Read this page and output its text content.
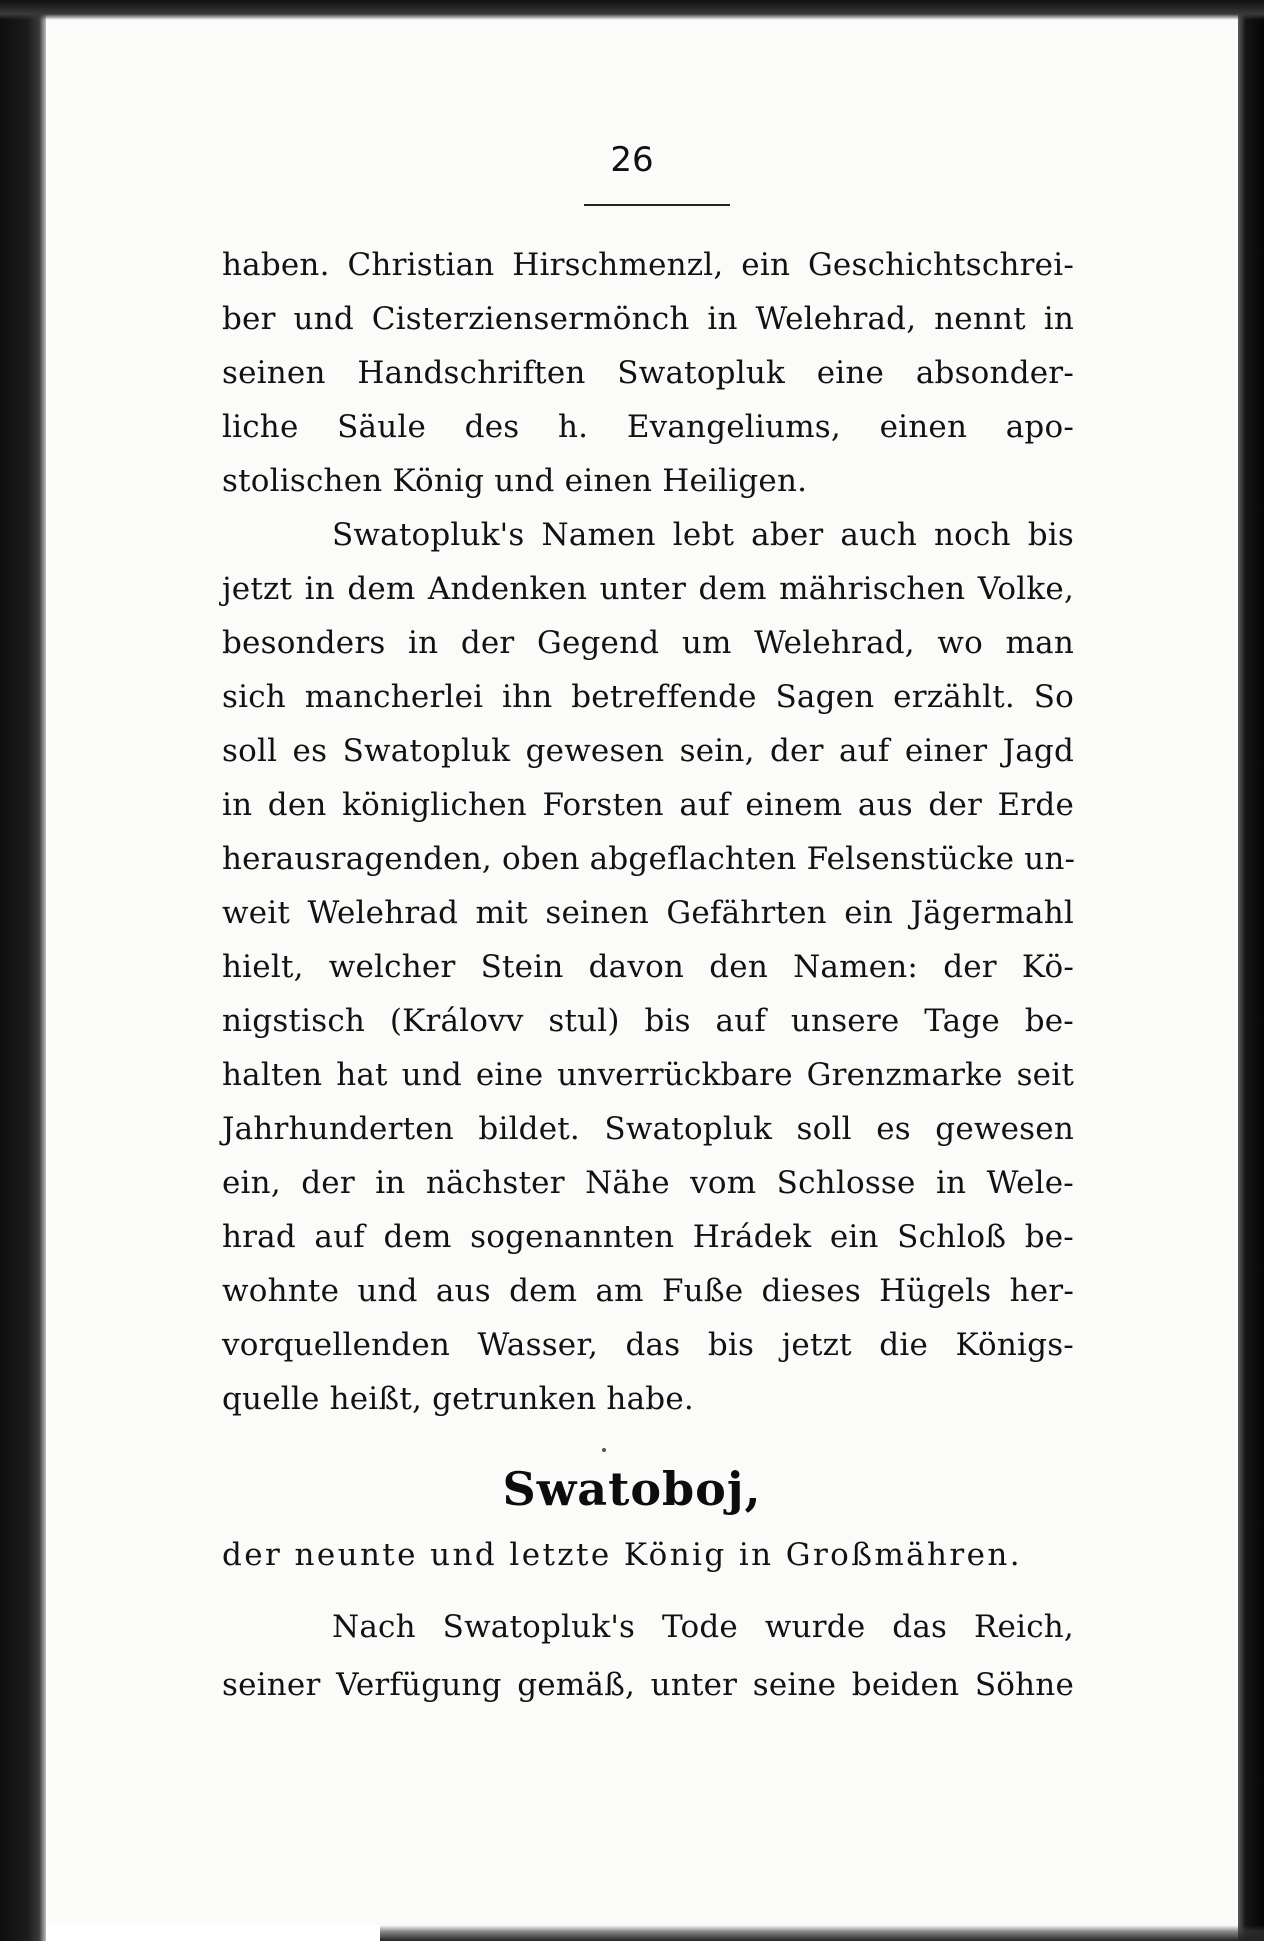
26
haben. Christian Hirschmenzl, ein Geschichtschrei-
ber und Cisterziensermönch in Welehrad, nennt in
seinen Handschriften Swatopluk eine absonder-
liche Säule des h. Evangeliums, einen apo-
stolischen König und einen Heiligen.
Swatopluk's Namen lebt aber auch noch bis
jetzt in dem Andenken unter dem mährischen Volke,
besonders in der Gegend um Welehrad, wo man
sich mancherlei ihn betreffende Sagen erzählt. So
soll es Swatopluk gewesen sein, der auf einer Jagd
in den königlichen Forsten auf einem aus der Erde
herausragenden, oben abgeflachten Felsenstücke un-
weit Welehrad mit seinen Gefährten ein Jägermahl
hielt, welcher Stein davon den Namen: der Kö-
nigstisch (Královv stul) bis auf unsere Tage be-
halten hat und eine unverrückbare Grenzmarke seit
Jahrhunderten bildet. Swatopluk soll es gewesen
ein, der in nächster Nähe vom Schlosse in Wele-
hrad auf dem sogenannten Hrádek ein Schloß be-
wohnte und aus dem am Fuße dieses Hügels her-
vorquellenden Wasser, das bis jetzt die Königs-
quelle heißt, getrunken habe.
Swatoboj,
der neunte und letzte König in Großmähren.
Nach Swatopluk's Tode wurde das Reich,
seiner Verfügung gemäß, unter seine beiden Söhne
